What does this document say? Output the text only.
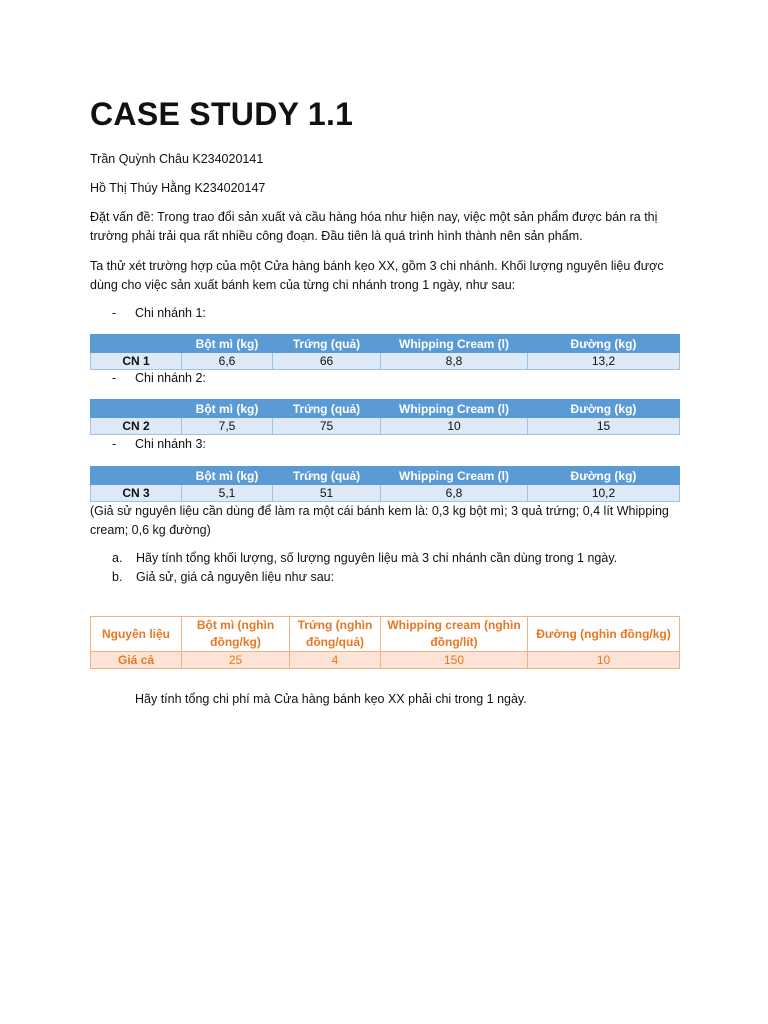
CASE STUDY 1.1
Trần Quỳnh Châu K234020141
Hồ Thị Thúy Hằng K234020147
Đặt vấn đề: Trong trao đổi sản xuất và cầu hàng hóa như hiện nay, việc một sản phẩm được bán ra thị trường phải trải qua rất nhiều công đoạn. Đầu tiên là quá trình hình thành nên sản phẩm.
Ta thử xét trường hợp của một Cửa hàng bánh kẹo XX, gồm 3 chi nhánh. Khối lượng nguyên liệu được dùng cho việc sản xuất bánh kem của từng chi nhánh trong 1 ngày, như sau:
- Chi nhánh 1:
	Bột mì (kg)	Trứng (quả)	Whipping Cream (l)	Đường (kg)
CN 1	6,6	66	8,8	13,2
- Chi nhánh 2:
	Bột mì (kg)	Trứng (quả)	Whipping Cream (l)	Đường (kg)
CN 2	7,5	75	10	15
- Chi nhánh 3:
	Bột mì (kg)	Trứng (quả)	Whipping Cream (l)	Đường (kg)
CN 3	5,1	51	6,8	10,2
(Giả sử nguyên liệu cần dùng để làm ra một cái bánh kem là: 0,3 kg bột mì; 3 quả trứng; 0,4 lít Whipping cream; 0,6 kg đường)
a. Hãy tính tổng khối lượng, số lượng nguyên liệu mà 3 chi nhánh cần dùng trong 1 ngày.
b. Giả sử, giá cả nguyên liệu như sau:
Nguyên liệu	Bột mì (nghìn đồng/kg)	Trứng (nghìn đồng/quả)	Whipping cream (nghìn đồng/lít)	Đường (nghìn đồng/kg)
Giá cả	25	4	150	10
Hãy tính tổng chi phí mà Cửa hàng bánh kẹo XX phải chi trong 1 ngày.
